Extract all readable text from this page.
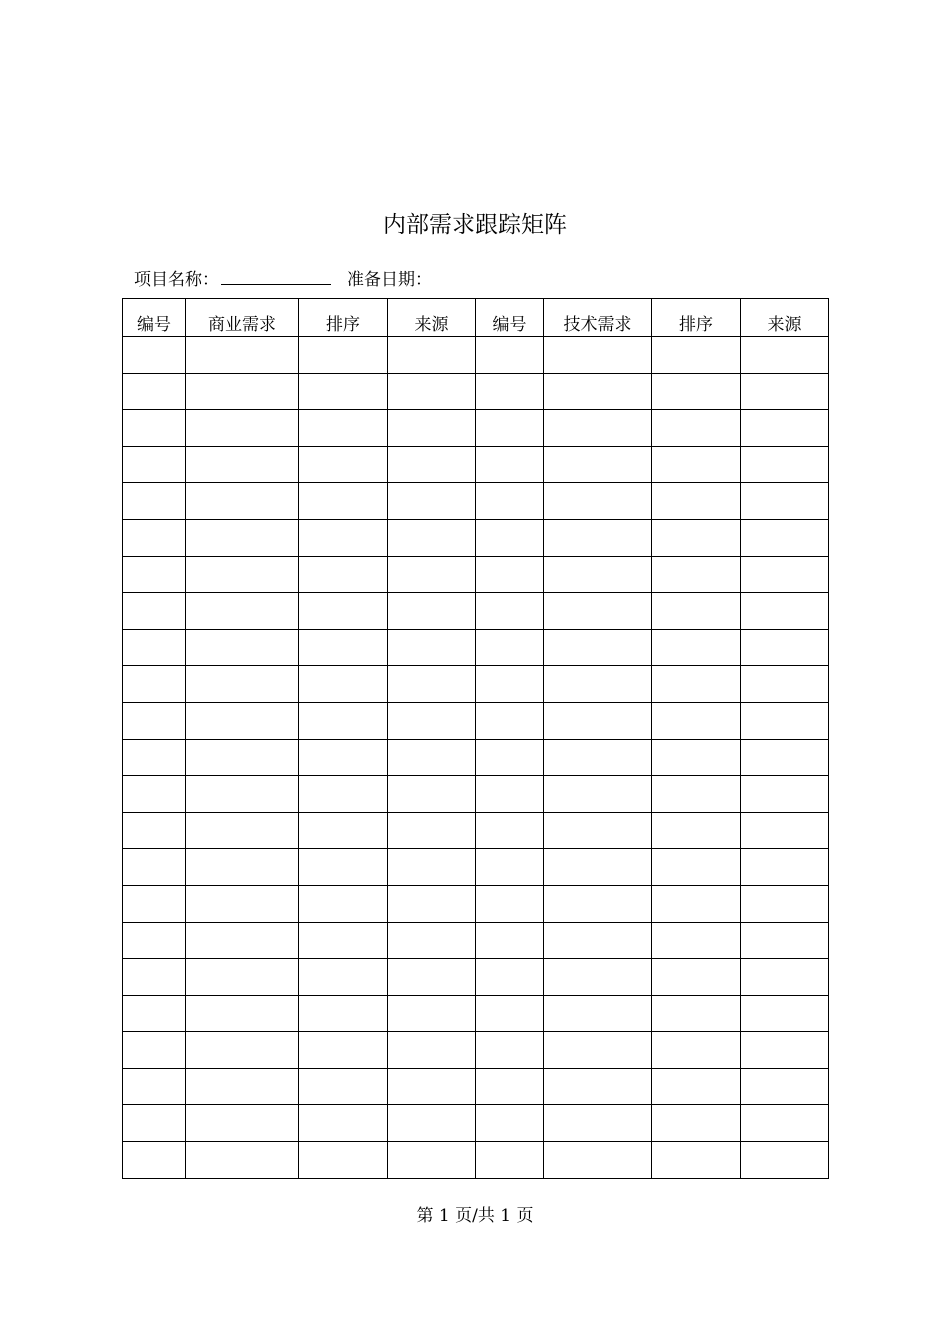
内部需求跟踪矩阵
项目名称：	准备日期：
编号	商业需求	排序	来源	编号	技术需求	排序	来源

第 1 页/共 1 页
